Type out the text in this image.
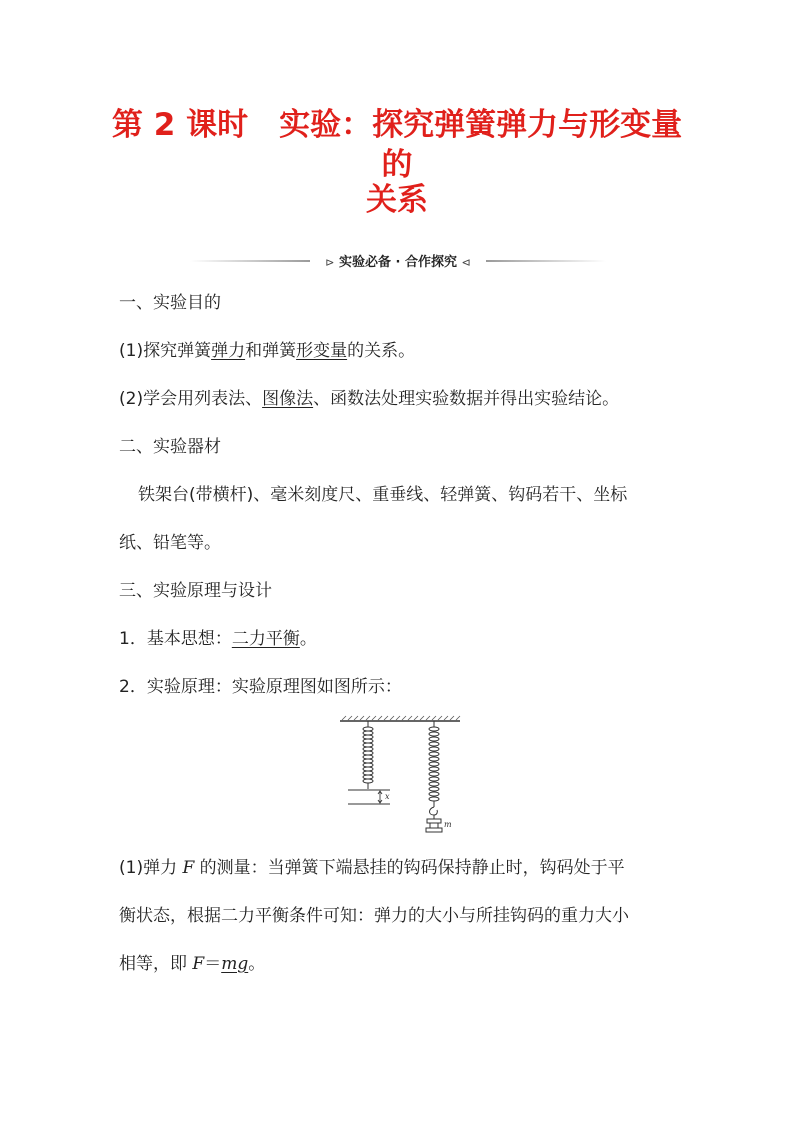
第 2 课时　实验：探究弹簧弹力与形变量的
关系
⊳ 实验必备 · 合作探究 ⊲
一、实验目的
(1)探究弹簧弹力和弹簧形变量的关系。
(2)学会用列表法、图像法、函数法处理实验数据并得出实验结论。
二、实验器材
铁架台(带横杆)、毫米刻度尺、重垂线、轻弹簧、钩码若干、坐标
纸、铅笔等。
三、实验原理与设计
1．基本思想：二力平衡。
2．实验原理：实验原理图如图所示：
x
m
(1)弹力 F 的测量：当弹簧下端悬挂的钩码保持静止时，钩码处于平
衡状态，根据二力平衡条件可知：弹力的大小与所挂钩码的重力大小
相等，即 F＝mg。
